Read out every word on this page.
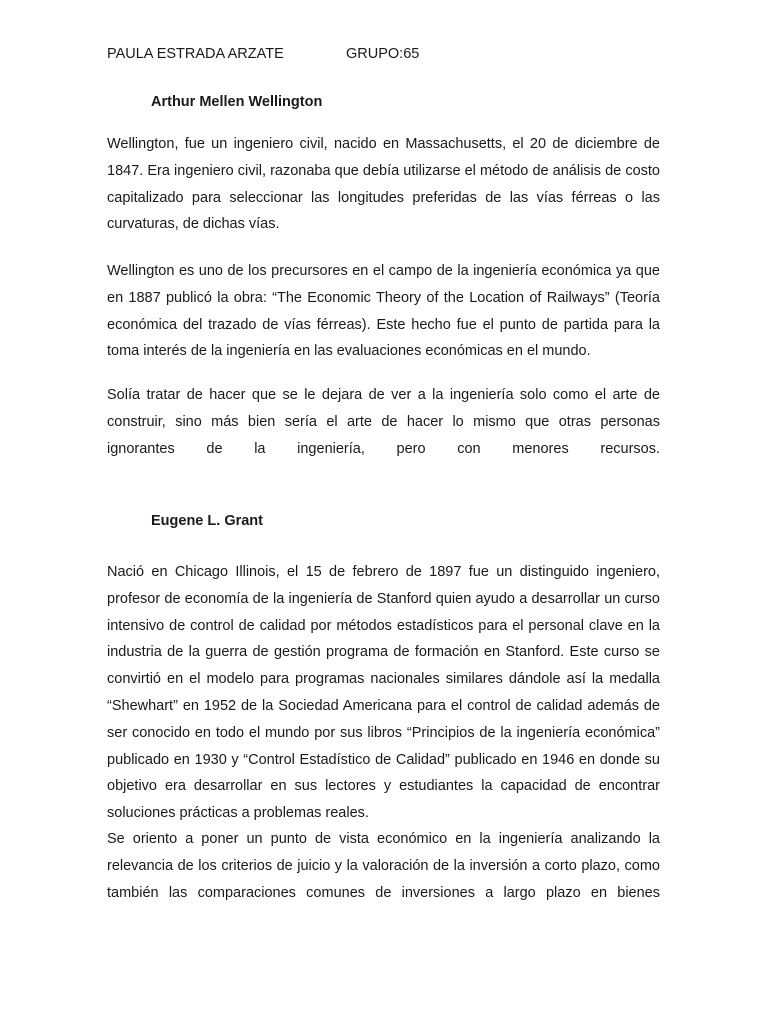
PAULA ESTRADA ARZATE	GRUPO:65
Arthur Mellen Wellington

Wellington, fue un ingeniero civil, nacido en Massachusetts, el 20 de diciembre de 1847. Era ingeniero civil, razonaba que debía utilizarse el método de análisis de costo capitalizado para seleccionar las longitudes preferidas de las vías férreas o las curvaturas, de dichas vías.

Wellington es uno de los precursores en el campo de la ingeniería económica ya que en 1887 publicó la obra: “The Economic Theory of the Location of Railways” (Teoría económica del trazado de vías férreas). Este hecho fue el punto de partida para la toma interés de la ingeniería en las evaluaciones económicas en el mundo.

Solía tratar de hacer que se le dejara de ver a la ingeniería solo como el arte de construir, sino más bien sería el arte de hacer lo mismo que otras personas ignorantes de la ingeniería, pero con menores recursos.

Eugene L. Grant

Nació en Chicago Illinois, el 15 de febrero de 1897 fue un distinguido ingeniero, profesor de economía de la ingeniería de Stanford quien ayudo a desarrollar un curso intensivo de control de calidad por métodos estadísticos para el personal clave en la industria de la guerra de gestión programa de formación en Stanford. Este curso se convirtió en el modelo para programas nacionales similares dándole así la medalla “Shewhart” en 1952 de la Sociedad Americana para el control de calidad además de ser conocido en todo el mundo por sus libros “Principios de la ingeniería económica” publicado en 1930 y “Control Estadístico de Calidad” publicado en 1946 en donde su objetivo era desarrollar en sus lectores y estudiantes la capacidad de encontrar soluciones prácticas a problemas reales.

Se oriento a poner un punto de vista económico en la ingeniería analizando la relevancia de los criterios de juicio y la valoración de la inversión a corto plazo, como también las comparaciones comunes de inversiones a largo plazo en bienes
